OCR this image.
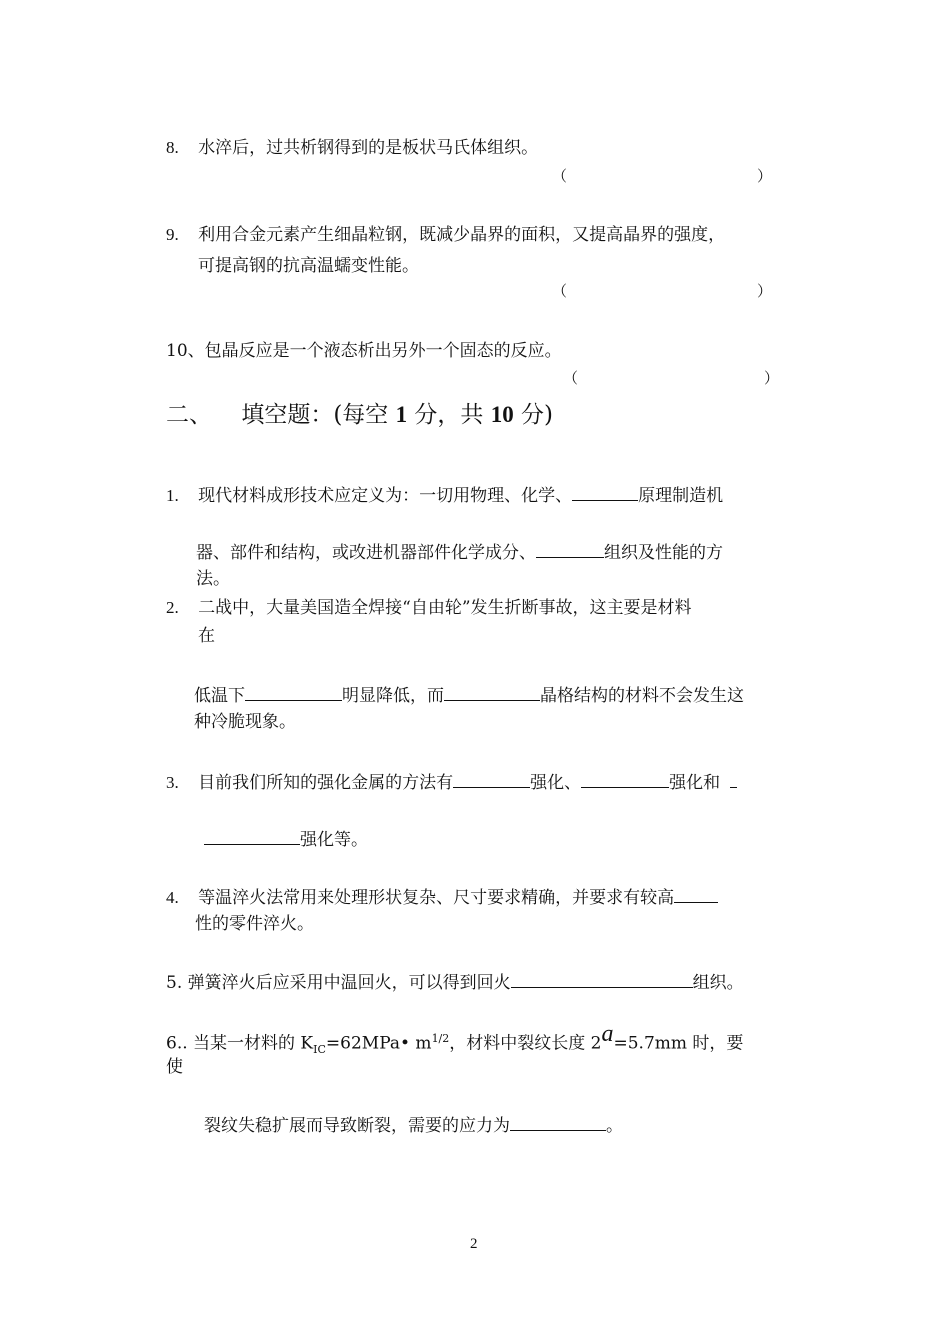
8. 水淬后，过共析钢得到的是板状马氏体组织。
（	）
9. 利用合金元素产生细晶粒钢，既减少晶界的面积，又提高晶界的强度，
可提高钢的抗高温蠕变性能。
（	）
10、包晶反应是一个液态析出另外一个固态的反应。
（	）
二、 填空题：(每空 1 分，共 10 分)
1. 现代材料成形技术应定义为：一切用物理、化学、	原理制造机
器、部件和结构，或改进机器部件化学成分、	组织及性能的方
法。
2. 二战中，大量美国造全焊接“自由轮”发生折断事故，这主要是材料
在
低温下	明显降低，而	晶格结构的材料不会发生这
种冷脆现象。
3. 目前我们所知的强化金属的方法有	强化、	强化和
强化等。
4. 等温淬火法常用来处理形状复杂、尺寸要求精确，并要求有较高
性的零件淬火。
5. 弹簧淬火后应采用中温回火，可以得到回火	组织。
6.. 当某一材料的 $K_{IC}=62MPa•$ $m^{1/2}$，材料中裂纹长度 2a=5.7mm 时，要
使
裂纹失稳扩展而导致断裂，需要的应力为	。
2
